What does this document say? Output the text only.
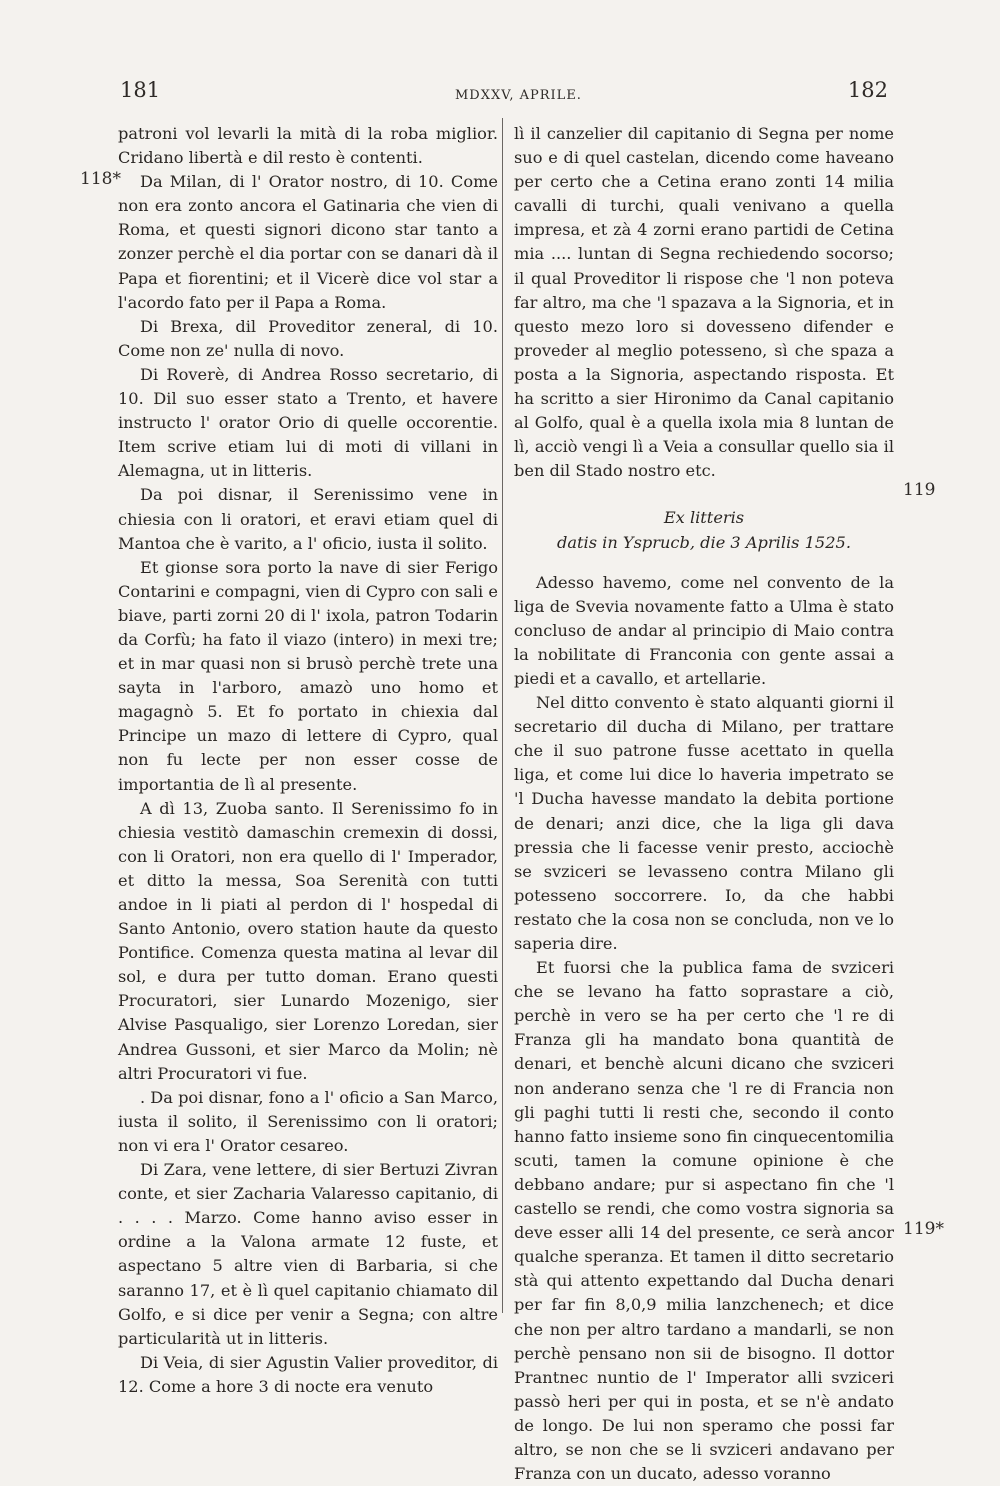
181	MDXXV, APRILE.	182
118*
119
119*

patroni vol levarli la mità di la roba miglior. Cridano libertà e dil resto è contenti.

Da Milan, di l' Orator nostro, di 10. Come non era zonto ancora el Gatinaria che vien di Roma, et questi signori dicono star tanto a zonzer perchè el dia portar con se danari dà il Papa et fiorentini; et il Vicerè dice vol star a l'acordo fato per il Papa a Roma.

Di Brexa, dil Proveditor zeneral, di 10. Come non ze' nulla di novo.

Di Roverè, di Andrea Rosso secretario, di 10. Dil suo esser stato a Trento, et havere instructo l' orator Orio di quelle occorentie. Item scrive etiam lui di moti di villani in Alemagna, ut in litteris.

Da poi disnar, il Serenissimo vene in chiesia con li oratori, et eravi etiam quel di Mantoa che è varito, a l' oficio, iusta il solito.

Et gionse sora porto la nave di sier Ferigo Contarini e compagni, vien di Cypro con sali e biave, parti zorni 20 di l' ixola, patron Todarin da Corfù; ha fato il viazo (intero) in mexi tre; et in mar quasi non si brusò perchè trete una sayta in l'arboro, amazò uno homo et magagnò 5. Et fo portato in chiexia dal Principe un mazo di lettere di Cypro, qual non fu lecte per non esser cosse de importantia de lì al presente.

A dì 13, Zuoba santo. Il Serenissimo fo in chiesia vestitò damaschin cremexin di dossi, con li Oratori, non era quello di l' Imperador, et ditto la messa, Soa Serenità con tutti andoe in li piati al perdon di l' hospedal di Santo Antonio, overo station haute da questo Pontifice. Comenza questa matina al levar dil sol, e dura per tutto doman. Erano questi Procuratori, sier Lunardo Mozenigo, sier Alvise Pasqualigo, sier Lorenzo Loredan, sier Andrea Gussoni, et sier Marco da Molin; nè altri Procuratori vi fue.

. Da poi disnar, fono a l' oficio a San Marco, iusta il solito, il Serenissimo con li oratori; non vi era l' Orator cesareo.

Di Zara, vene lettere, di sier Bertuzi Zivran conte, et sier Zacharia Valaresso capitanio, di . . . . Marzo. Come hanno aviso esser in ordine a la Valona armate 12 fuste, et aspectano 5 altre vien di Barbaria, si che saranno 17, et è lì quel capitanio chiamato dil Golfo, e si dice per venir a Segna; con altre particularità ut in litteris.

Di Veia, di sier Agustin Valier proveditor, di 12. Come a hore 3 di nocte era venuto

lì il canzelier dil capitanio di Segna per nome suo e di quel castelan, dicendo come haveano per certo che a Cetina erano zonti 14 milia cavalli di turchi, quali venivano a quella impresa, et zà 4 zorni erano partidi de Cetina mia .... luntan di Segna rechiedendo socorso; il qual Proveditor li rispose che 'l non poteva far altro, ma che 'l spazava a la Signoria, et in questo mezo loro si dovesseno difender e proveder al meglio potesseno, sì che spaza a posta a la Signoria, aspectando risposta. Et ha scritto a sier Hironimo da Canal capitanio al Golfo, qual è a quella ixola mia 8 luntan de lì, acciò vengi lì a Veia a consullar quello sia il ben dil Stado nostro etc.

Ex litteris

datis in Ysprucb, die 3 Aprilis 1525.

Adesso havemo, come nel convento de la liga de Svevia novamente fatto a Ulma è stato concluso de andar al principio di Maio contra la nobilitate di Franconia con gente assai a piedi et a cavallo, et artellarie.

Nel ditto convento è stato alquanti giorni il secretario dil ducha di Milano, per trattare che il suo patrone fusse acettato in quella liga, et come lui dice lo haveria impetrato se 'l Ducha havesse mandato la debita portione de denari; anzi dice, che la liga gli dava pressia che li facesse venir presto, acciochè se svziceri se levasseno contra Milano gli potesseno soccorrere. Io, da che habbi restato che la cosa non se concluda, non ve lo saperia dire.

Et fuorsi che la publica fama de svziceri che se levano ha fatto soprastare a ciò, perchè in vero se ha per certo che 'l re di Franza gli ha mandato bona quantità de denari, et benchè alcuni dicano che svziceri non anderano senza che 'l re di Francia non gli paghi tutti li resti che, secondo il conto hanno fatto insieme sono fin cinquecentomilia scuti, tamen la comune opinione è che debbano andare; pur si aspectano fin che 'l castello se rendi, che como vostra signoria sa deve esser alli 14 del presente, ce serà ancor qualche speranza. Et tamen il ditto secretario stà qui attento expettando dal Ducha denari per far fin 8,0,9 milia lanzchenech; et dice che non per altro tardano a mandarli, se non perchè pensano non sii de bisogno. Il dottor Prantnec nuntio de l' Imperator alli svziceri passò heri per qui in posta, et se n'è andato de longo. De lui non speramo che possi far altro, se non che se li svziceri andavano per Franza con un ducato, adesso voranno
